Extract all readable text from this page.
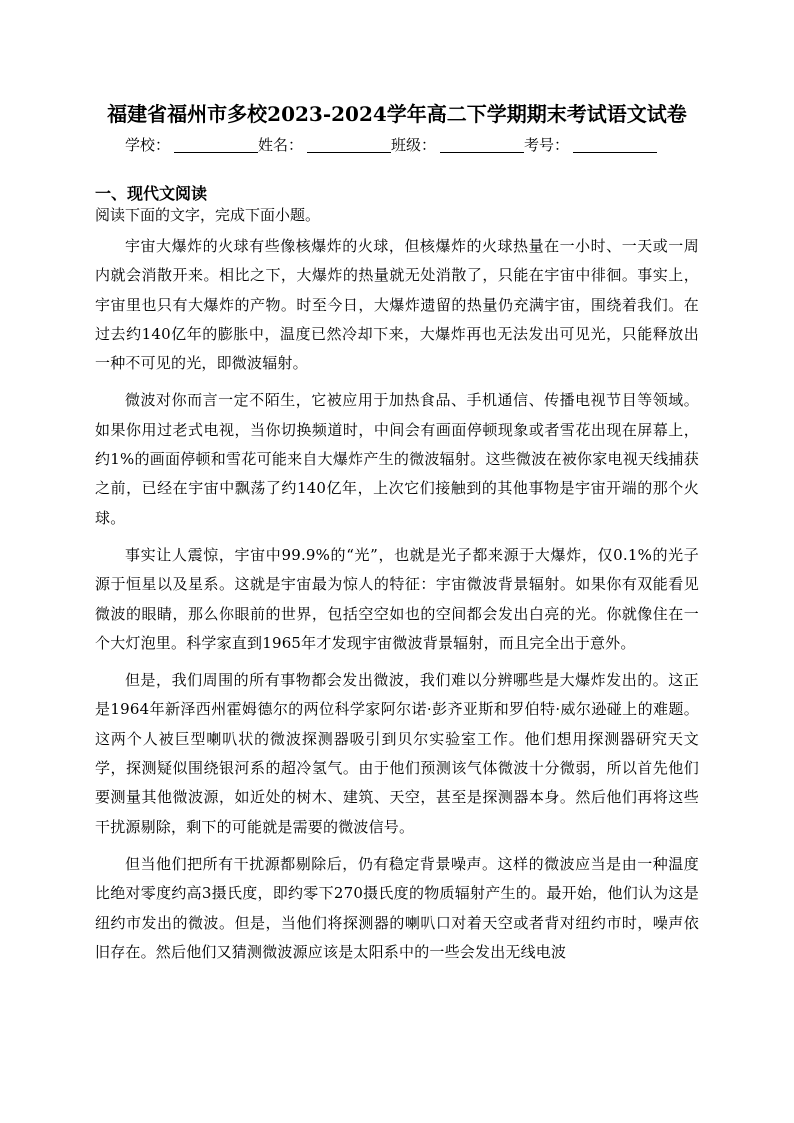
福建省福州市多校2023-2024学年高二下学期期末考试语文试卷
学校：	姓名：	班级：	考号：
一、现代文阅读

阅读下面的文字，完成下面小题。

宇宙大爆炸的火球有些像核爆炸的火球，但核爆炸的火球热量在一小时、一天或一周内就会消散开来。相比之下，大爆炸的热量就无处消散了，只能在宇宙中徘徊。事实上，宇宙里也只有大爆炸的产物。时至今日，大爆炸遗留的热量仍充满宇宙，围绕着我们。在过去约140亿年的膨胀中，温度已然冷却下来，大爆炸再也无法发出可见光，只能释放出一种不可见的光，即微波辐射。

微波对你而言一定不陌生，它被应用于加热食品、手机通信、传播电视节目等领域。如果你用过老式电视，当你切换频道时，中间会有画面停顿现象或者雪花出现在屏幕上，约1%的画面停顿和雪花可能来自大爆炸产生的微波辐射。这些微波在被你家电视天线捕获之前，已经在宇宙中飘荡了约140亿年，上次它们接触到的其他事物是宇宙开端的那个火球。

事实让人震惊，宇宙中99.9%的“光”，也就是光子都来源于大爆炸，仅0.1%的光子源于恒星以及星系。这就是宇宙最为惊人的特征：宇宙微波背景辐射。如果你有双能看见微波的眼睛，那么你眼前的世界，包括空空如也的空间都会发出白亮的光。你就像住在一个大灯泡里。科学家直到1965年才发现宇宙微波背景辐射，而且完全出于意外。

但是，我们周围的所有事物都会发出微波，我们难以分辨哪些是大爆炸发出的。这正是1964年新泽西州霍姆德尔的两位科学家阿尔诺·彭齐亚斯和罗伯特·威尔逊碰上的难题。这两个人被巨型喇叭状的微波探测器吸引到贝尔实验室工作。他们想用探测器研究天文学，探测疑似围绕银河系的超冷氢气。由于他们预测该气体微波十分微弱，所以首先他们要测量其他微波源，如近处的树木、建筑、天空，甚至是探测器本身。然后他们再将这些干扰源剔除，剩下的可能就是需要的微波信号。

但当他们把所有干扰源都剔除后，仍有稳定背景噪声。这样的微波应当是由一种温度比绝对零度约高3摄氏度，即约零下270摄氏度的物质辐射产生的。最开始，他们认为这是纽约市发出的微波。但是，当他们将探测器的喇叭口对着天空或者背对纽约市时，噪声依旧存在。然后他们又猜测微波源应该是太阳系中的一些会发出无线电波
